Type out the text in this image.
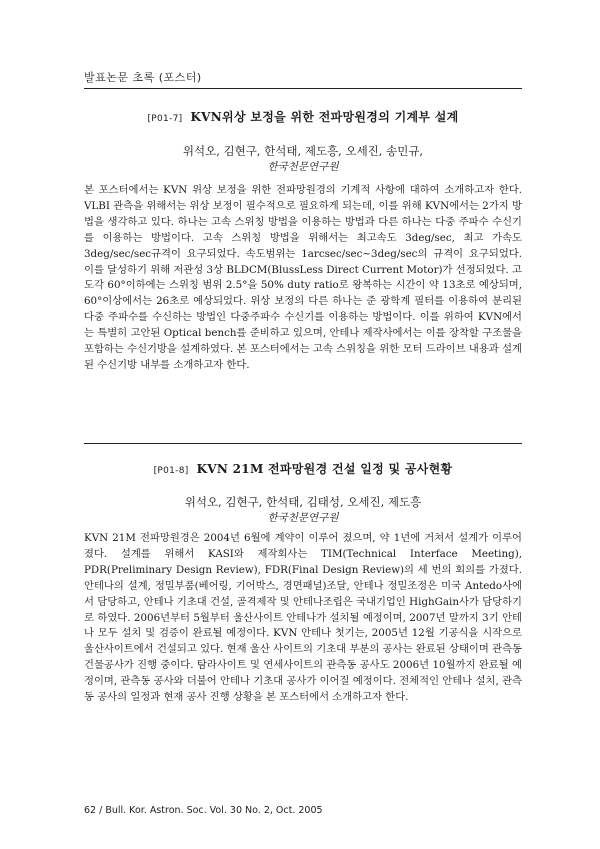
발표논문 초록 (포스터)
[P01-7] KVN위상 보정을 위한 전파망원경의 기계부 설계
위석오, 김현구, 한석태, 제도흥, 오세진, 송민규,
한국천문연구원
본 포스터에서는 KVN 위상 보정을 위한 전파망원경의 기계적 사항에 대하여 소개하고자 한다. VLBI 관측을 위해서는 위상 보정이 필수적으로 필요하게 되는데, 이를 위해 KVN에서는 2가지 방법을 생각하고 있다. 하나는 고속 스위칭 방법을 이용하는 방법과 다른 하나는 다중 주파수 수신기를 이용하는 방법이다. 고속 스위칭 방법을 위해서는 최고속도 3deg/sec, 최고 가속도 3deg/sec/sec규격이 요구되었다. 속도범위는 1arcsec/sec~3deg/sec의 규격이 요구되었다. 이를 달성하기 위해 저관성 3상 BLDCM(BlussLess Direct Current Motor)가 선정되었다. 고도각 60°이하에는 스위칭 범위 2.5°을 50% duty ratio로 왕복하는 시간이 약 13초로 예상되며, 60°이상에서는 26초로 예상되었다. 위상 보정의 다른 하나는 준 광학계 필터를 이용하여 분리된 다중 주파수를 수신하는 방법인 다중주파수 수신기를 이용하는 방법이다. 이를 위하여 KVN에서는 특별히 고안된 Optical bench를 준비하고 있으며, 안테나 제작사에서는 이를 장착할 구조물을 포함하는 수신기방을 설계하였다. 본 포스터에서는 고속 스위칭을 위한 모터 드라이브 내용과 설계된 수신기방 내부를 소개하고자 한다.
[P01-8] KVN 21M 전파망원경 건설 일정 및 공사현황
위석오, 김현구, 한석태, 김태성, 오세진, 제도흥
한국천문연구원
KVN 21M 전파망원경은 2004년 6월에 계약이 이루어 졌으며, 약 1년에 거쳐서 설계가 이루어 졌다. 설계를 위해서 KASI와 제작회사는 TIM(Technical Interface Meeting), PDR(Preliminary Design Review), FDR(Final Design Review)의 세 번의 회의를 가졌다. 안테나의 설계, 정밀부품(베어링, 기어박스, 경면패널)조달, 안테나 정밀조정은 미국 Antedo사에서 담당하고, 안테나 기초대 건설, 골격제작 및 안테나조립은 국내기업인 HighGain사가 담당하기로 하였다. 2006년부터 5월부터 울산사이트 안테나가 설치될 예정이며, 2007년 말까지 3기 안테나 모두 설치 및 검증이 완료될 예정이다. KVN 안테나 첫기는, 2005년 12월 기공식을 시작으로 울산사이트에서 건설되고 있다. 현재 울산 사이트의 기초대 부분의 공사는 완료된 상태이며 관측동 건물공사가 진행 중이다. 탐라사이트 및 연세사이트의 관측동 공사도 2006년 10월까지 완료될 예정이며, 관측동 공사와 더불어 안테나 기초대 공사가 이어질 예정이다. 전체적인 안테나 설치, 관측동 공사의 일정과 현재 공사 진행 상황을 본 포스터에서 소개하고자 한다.
62 / Bull. Kor. Astron. Soc. Vol. 30 No. 2, Oct. 2005
